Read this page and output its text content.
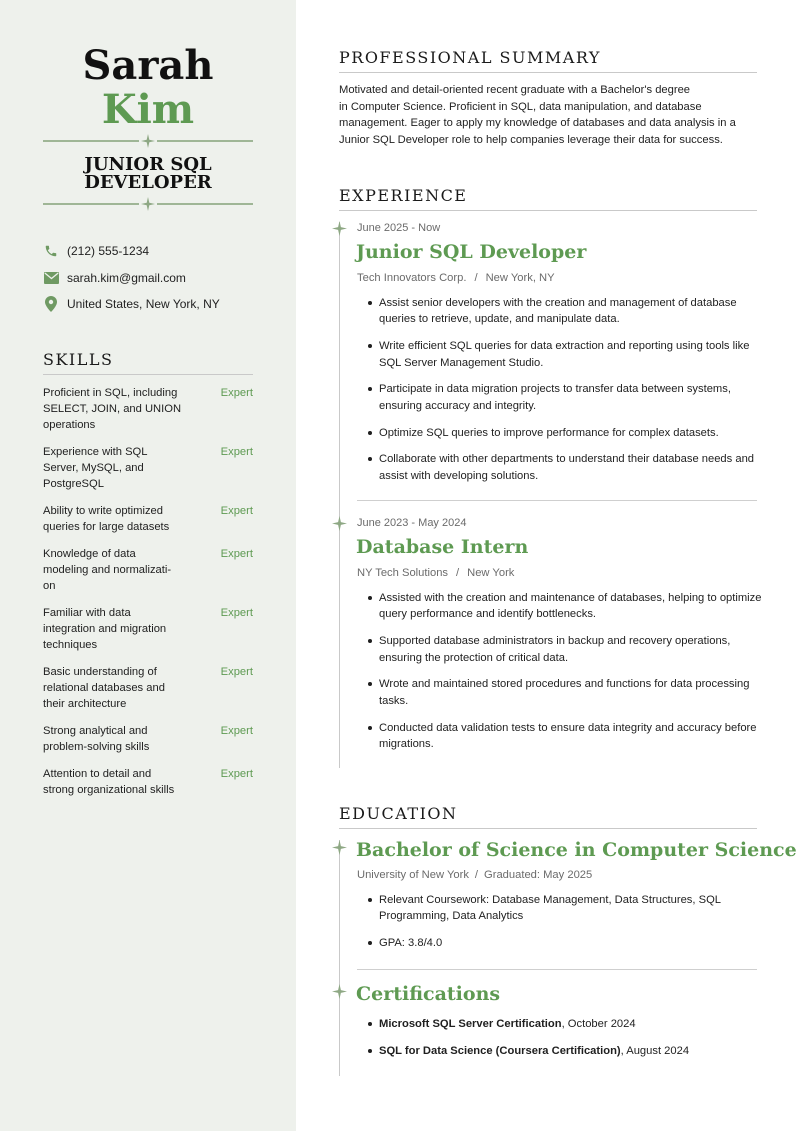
Sarah
Kim
JUNIOR SQL
DEVELOPER
(212) 555-1234
sarah.kim@gmail.com
United States, New York, NY
SKILLS
Proficient in SQL, including
SELECT, JOIN, and UNION
operations
Expert
Experience with SQL
Server, MySQL, and
PostgreSQL
Expert
Ability to write optimized
queries for large datasets
Expert
Knowledge of data
modeling and normalizati-
on
Expert
Familiar with data
integration and migration
techniques
Expert
Basic understanding of
relational databases and
their architecture
Expert
Strong analytical and
problem-solving skills
Expert
Attention to detail and
strong organizational skills
Expert
PROFESSIONAL SUMMARY
Motivated and detail-oriented recent graduate with a Bachelor's degree
in Computer Science. Proficient in SQL, data manipulation, and database
management. Eager to apply my knowledge of databases and data analysis in a
Junior SQL Developer role to help companies leverage their data for success.
EXPERIENCE
June 2025 - Now
Junior SQL Developer
Tech Innovators Corp. / New York, NY
Assist senior developers with the creation and management of database
queries to retrieve, update, and manipulate data.
Write efficient SQL queries for data extraction and reporting using tools like
SQL Server Management Studio.
Participate in data migration projects to transfer data between systems,
ensuring accuracy and integrity.
Optimize SQL queries to improve performance for complex datasets.
Collaborate with other departments to understand their database needs and
assist with developing solutions.
June 2023 - May 2024
Database Intern
NY Tech Solutions / New York
Assisted with the creation and maintenance of databases, helping to optimize
query performance and identify bottlenecks.
Supported database administrators in backup and recovery operations,
ensuring the protection of critical data.
Wrote and maintained stored procedures and functions for data processing
tasks.
Conducted data validation tests to ensure data integrity and accuracy before
migrations.
EDUCATION
Bachelor of Science in Computer Science
University of New York / Graduated: May 2025
Relevant Coursework: Database Management, Data Structures, SQL
Programming, Data Analytics
GPA: 3.8/4.0
Certifications
Microsoft SQL Server Certification, October 2024
SQL for Data Science (Coursera Certification), August 2024
